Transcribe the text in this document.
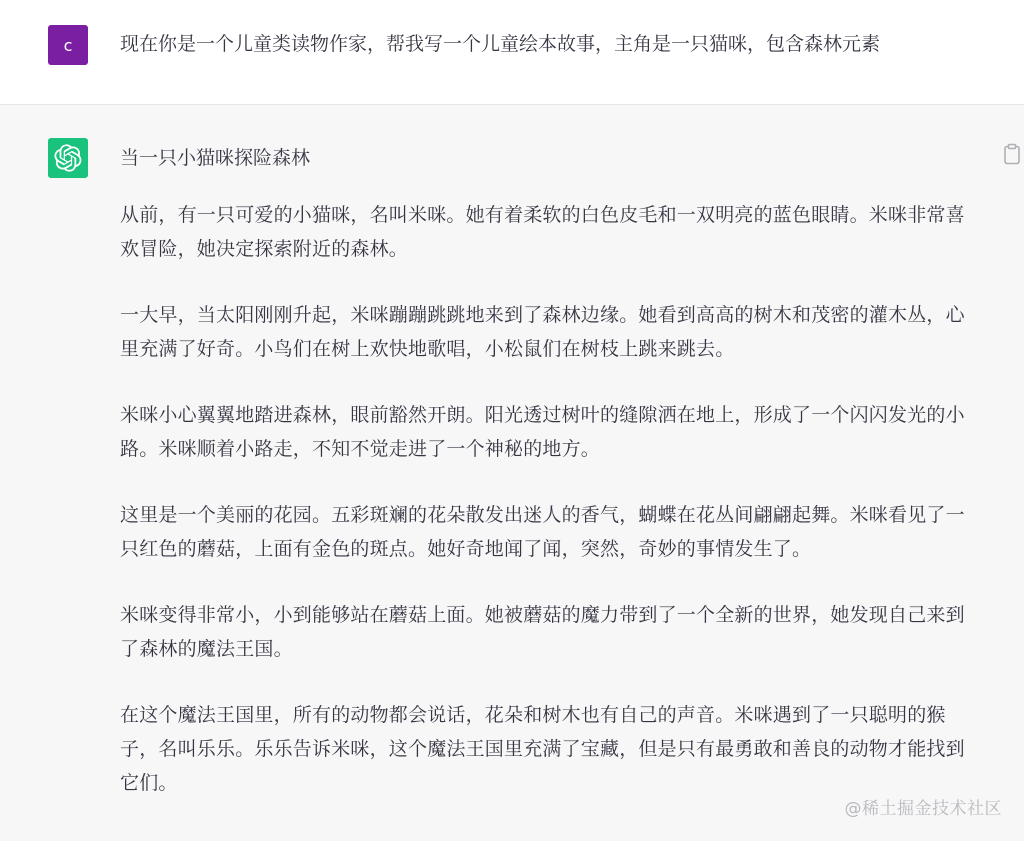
c	现在你是一个儿童类读物作家，帮我写一个儿童绘本故事，主角是一只猫咪，包含森林元素
当一只小猫咪探险森林

从前，有一只可爱的小猫咪，名叫米咪。她有着柔软的白色皮毛和一双明亮的蓝色眼睛。米咪非常喜欢冒险，她决定探索附近的森林。

一大早，当太阳刚刚升起，米咪蹦蹦跳跳地来到了森林边缘。她看到高高的树木和茂密的灌木丛，心里充满了好奇。小鸟们在树上欢快地歌唱，小松鼠们在树枝上跳来跳去。

米咪小心翼翼地踏进森林，眼前豁然开朗。阳光透过树叶的缝隙洒在地上，形成了一个闪闪发光的小路。米咪顺着小路走，不知不觉走进了一个神秘的地方。

这里是一个美丽的花园。五彩斑斓的花朵散发出迷人的香气，蝴蝶在花丛间翩翩起舞。米咪看见了一只红色的蘑菇，上面有金色的斑点。她好奇地闻了闻，突然，奇妙的事情发生了。

米咪变得非常小，小到能够站在蘑菇上面。她被蘑菇的魔力带到了一个全新的世界，她发现自己来到了森林的魔法王国。

在这个魔法王国里，所有的动物都会说话，花朵和树木也有自己的声音。米咪遇到了一只聪明的猴子，名叫乐乐。乐乐告诉米咪，这个魔法王国里充满了宝藏，但是只有最勇敢和善良的动物才能找到它们。

@稀土掘金技术社区
